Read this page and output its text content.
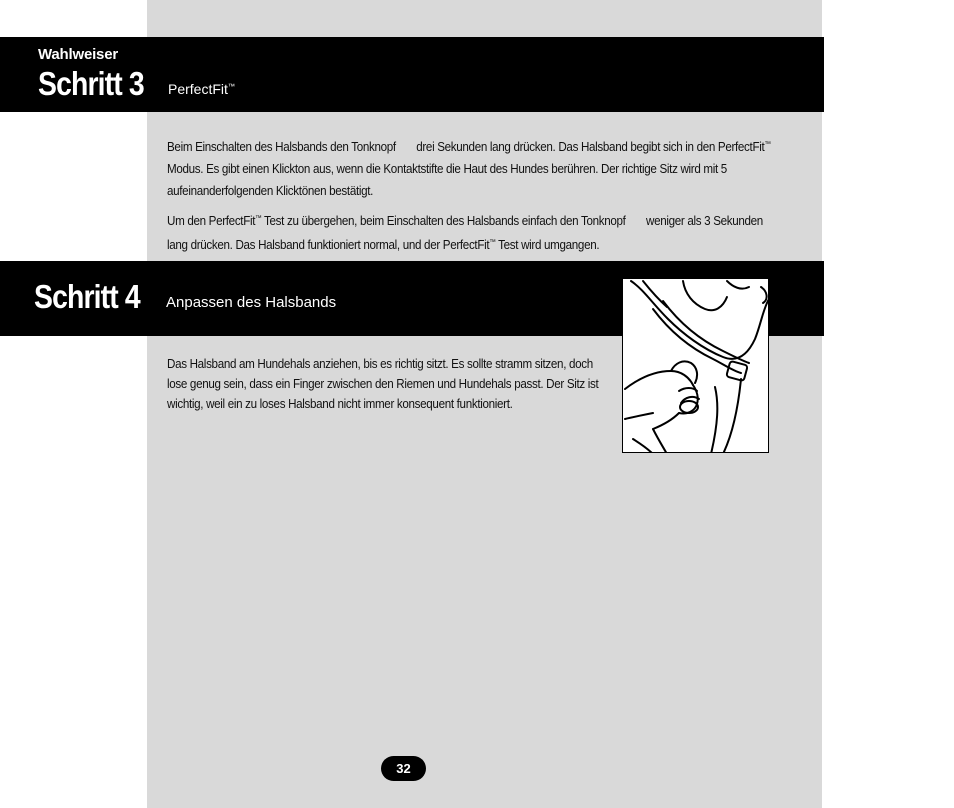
Wahlweiser
Schritt 3 PerfectFit™
Beim Einschalten des Halsbands den Tonknopf drei Sekunden lang drücken. Das Halsband begibt sich in den PerfectFit™ Modus. Es gibt einen Klickton aus, wenn die Kontaktstifte die Haut des Hundes berühren. Der richtige Sitz wird mit 5 aufeinanderfolgenden Klicktönen bestätigt.
Um den PerfectFit™ Test zu übergehen, beim Einschalten des Halsbands einfach den Tonknopf weniger als 3 Sekunden lang drücken. Das Halsband funktioniert normal, und der PerfectFit™ Test wird umgangen.
Schritt 4 Anpassen des Halsbands
Das Halsband am Hundehals anziehen, bis es richtig sitzt. Es sollte stramm sitzen, doch lose genug sein, dass ein Finger zwischen den Riemen und Hundehals passt. Der Sitz ist wichtig, weil ein zu loses Halsband nicht immer konsequent funktioniert.
32
